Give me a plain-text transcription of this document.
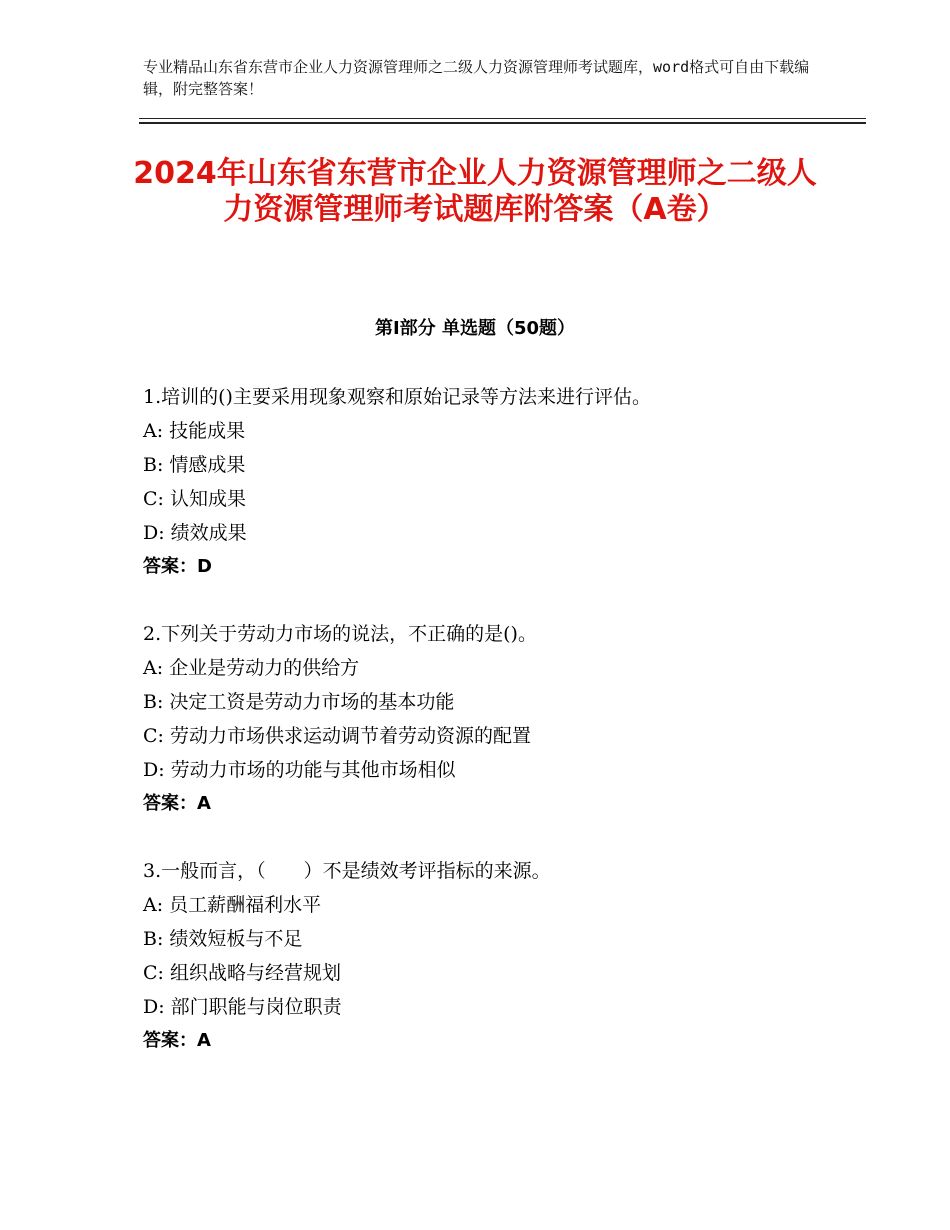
专业精品山东省东营市企业人力资源管理师之二级人力资源管理师考试题库，word格式可自由下载编辑，附完整答案！
2024年山东省东营市企业人力资源管理师之二级人力资源管理师考试题库附答案（A卷）
第Ⅰ部分 单选题（50题）
1.培训的()主要采用现象观察和原始记录等方法来进行评估。
A: 技能成果
B: 情感成果
C: 认知成果
D: 绩效成果
答案：D
2.下列关于劳动力市场的说法，不正确的是()。
A: 企业是劳动力的供给方
B: 决定工资是劳动力市场的基本功能
C: 劳动力市场供求运动调节着劳动资源的配置
D: 劳动力市场的功能与其他市场相似
答案：A
3.一般而言，（　　）不是绩效考评指标的来源。
A: 员工薪酬福利水平
B: 绩效短板与不足
C: 组织战略与经营规划
D: 部门职能与岗位职责
答案：A
